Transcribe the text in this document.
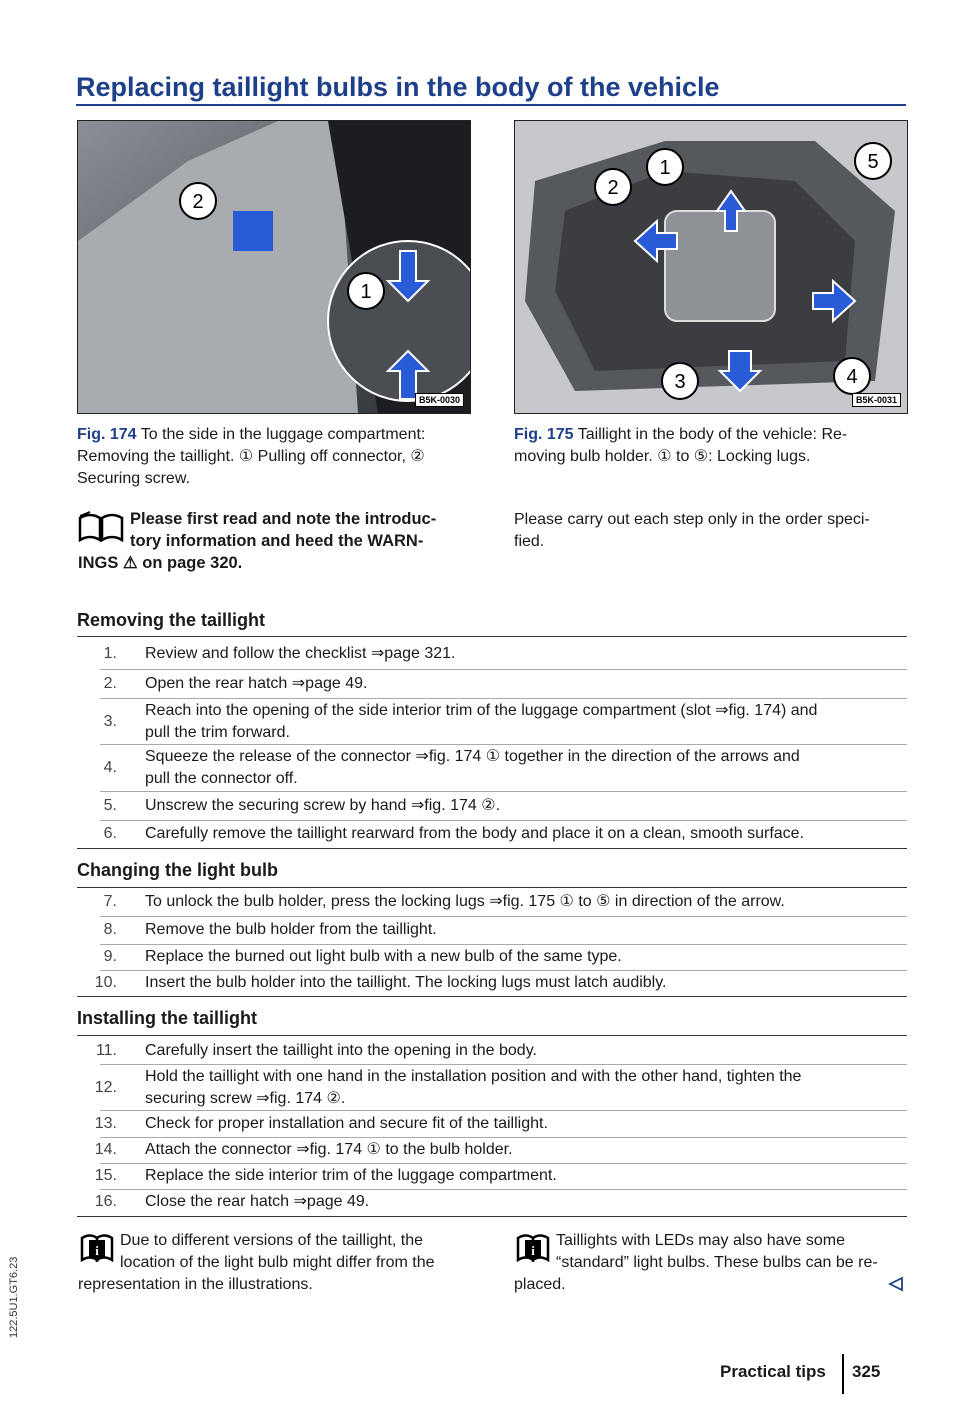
Replacing taillight bulbs in the body of the vehicle
2
1
B5K-0030
1
2
3	4
5
B5K-0031
Fig. 174 To the side in the luggage compartment:
Removing the taillight. ① Pulling off connector, ②
Securing screw.
Fig. 175 Taillight in the body of the vehicle: Re-
moving bulb holder. ① to ⑤: Locking lugs.
Please first read and note the introduc-
tory information and heed the WARN-
INGS ⚠ on page 320.
Please carry out each step only in the order speci-
fied.
Removing the taillight
1. Review and follow the checklist ⇒page 321.
2. Open the rear hatch ⇒page 49.
3.
Reach into the opening of the side interior trim of the luggage compartment (slot ⇒fig. 174) and
pull the trim forward.
4.
Squeeze the release of the connector ⇒fig. 174 ① together in the direction of the arrows and
pull the connector off.
5. Unscrew the securing screw by hand ⇒fig. 174 ②.
6. Carefully remove the taillight rearward from the body and place it on a clean, smooth surface.
Changing the light bulb
7. To unlock the bulb holder, press the locking lugs ⇒fig. 175 ① to ⑤ in direction of the arrow.
8. Remove the bulb holder from the taillight.
9. Replace the burned out light bulb with a new bulb of the same type.
10. Insert the bulb holder into the taillight. The locking lugs must latch audibly.
Installing the taillight
11. Carefully insert the taillight into the opening in the body.
12.
Hold the taillight with one hand in the installation position and with the other hand, tighten the
securing screw ⇒fig. 174 ②.
13. Check for proper installation and secure fit of the taillight.
14. Attach the connector ⇒fig. 174 ① to the bulb holder.
15. Replace the side interior trim of the luggage compartment.
16. Close the rear hatch ⇒page 49.
i
Due to different versions of the taillight, the
location of the light bulb might differ from the
representation in the illustrations.
i
Taillights with LEDs may also have some
“standard” light bulbs. These bulbs can be re-
placed.
Practical tips 325
122.5U1.GT6.23
